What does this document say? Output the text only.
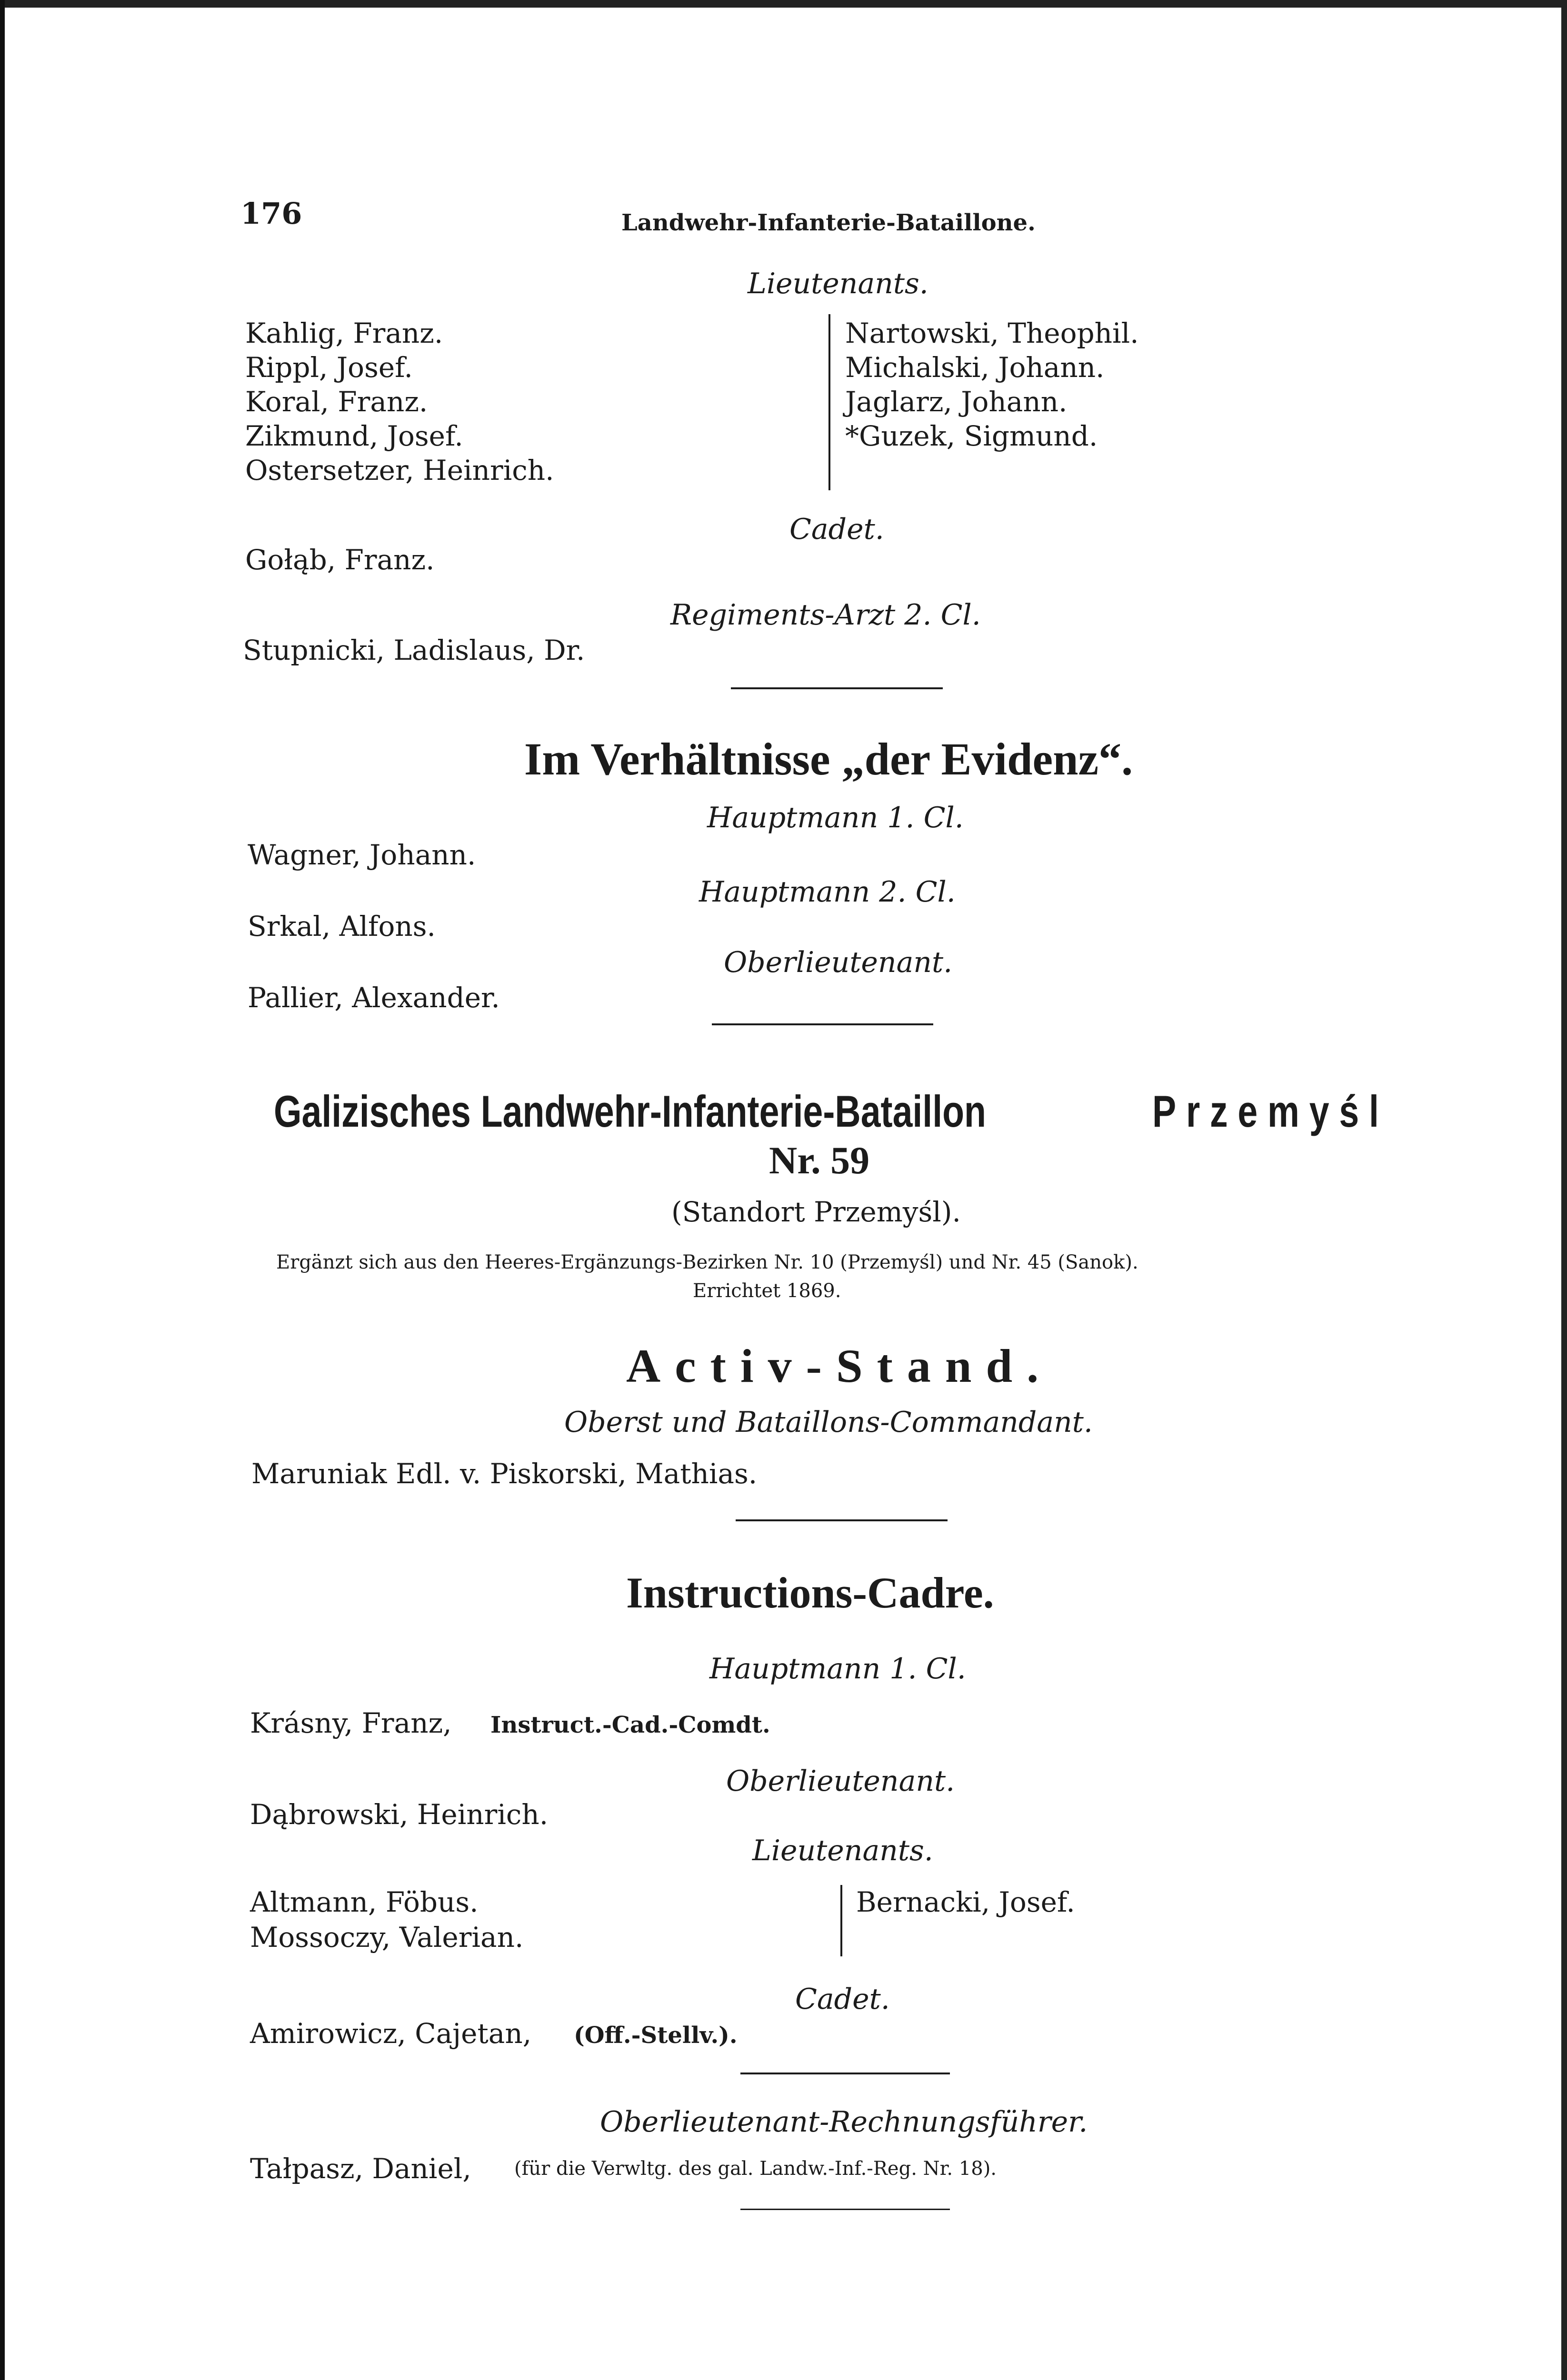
176	Landwehr-Infanterie-Bataillone.
Lieutenants.
Kahlig, Franz.
Rippl, Josef.
Koral, Franz.
Zikmund, Josef.
Ostersetzer, Heinrich.
Nartowski, Theophil.
Michalski, Johann.
Jaglarz, Johann.
*Guzek, Sigmund.
Cadet.
Gołąb, Franz.
Regiments-Arzt 2. Cl.
Stupnicki, Ladislaus, Dr.
Im Verhältnisse „der Evidenz“.
Hauptmann 1. Cl.
Wagner, Johann.
Hauptmann 2. Cl.
Srkal, Alfons.
Oberlieutenant.
Pallier, Alexander.
Galizisches Landwehr-Infanterie-Bataillon	Przemyśl
Nr. 59
(Standort Przemyśl).
Ergänzt sich aus den Heeres-Ergänzungs-Bezirken Nr. 10 (Przemyśl) und Nr. 45 (Sanok).
Errichtet 1869.
Activ-Stand.
Oberst und Bataillons-Commandant.
Maruniak Edl. v. Piskorski, Mathias.
Instructions-Cadre.
Hauptmann 1. Cl.
Krásny, Franz, Instruct.-Cad.-Comdt.
Oberlieutenant.
Dąbrowski, Heinrich.
Lieutenants.
Altmann, Föbus.
Mossoczy, Valerian.
Bernacki, Josef.
Cadet.
Amirowicz, Cajetan, (Off.-Stellv.).
Oberlieutenant-Rechnungsführer.
Tałpasz, Daniel, (für die Verwltg. des gal. Landw.-Inf.-Reg. Nr. 18).
